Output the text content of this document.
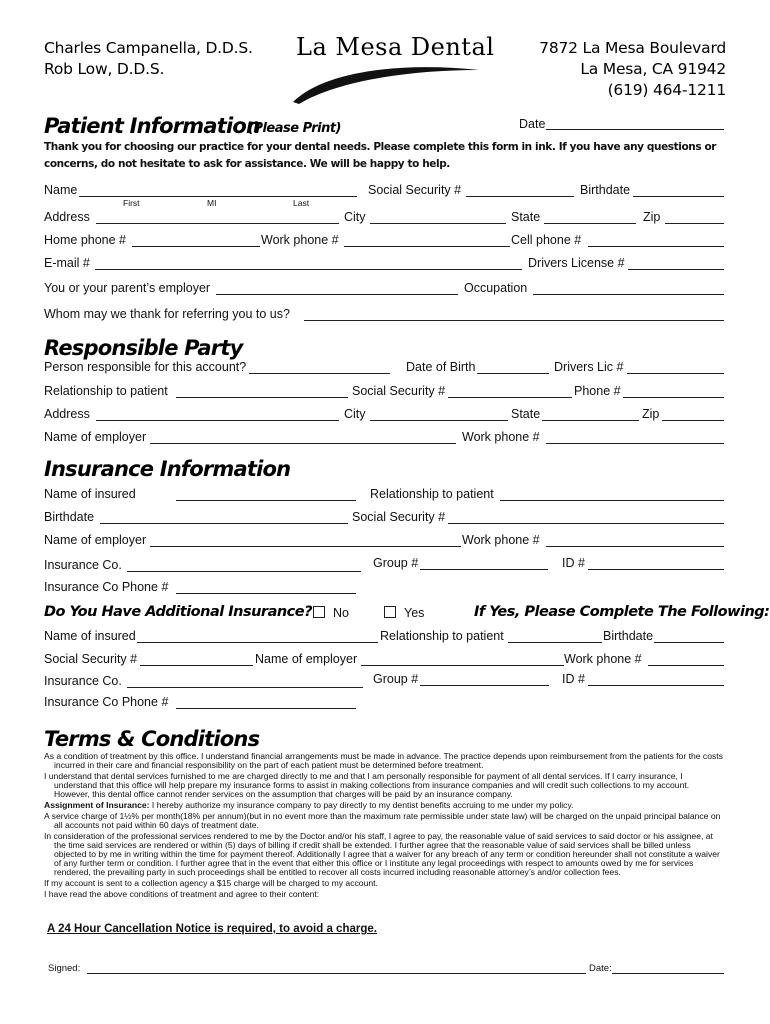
Charles Campanella, D.D.S.
Rob Low, D.D.S.
La Mesa Dental	7872 La Mesa Boulevard
La Mesa, CA 91942
(619) 464-1211
Patient Information
(Please Print)	Date
Thank you for choosing our practice for your dental needs. Please complete this form in ink. If you have any questions or concerns, do not hesitate to ask for assistance. We will be happy to help.
Name
First	MI	Last
Social Security #	Birthdate
Address	City	State	Zip
Home phone #	Work phone #	Cell phone #
E-mail #	Drivers License #
You or your parent’s employer	Occupation
Whom may we thank for referring you to us?
Responsible Party
Person responsible for this account?	Date of Birth	Drivers Lic #
Relationship to patient	Social Security #	Phone #
Address	City	State	Zip
Name of employer	Work phone #
Insurance Information
Name of insured	Relationship to patient
Birthdate	Social Security #
Name of employer	Work phone #
Insurance Co.	Group #	ID #
Insurance Co Phone #
Do You Have Additional Insurance?	No	Yes	If Yes, Please Complete The Following:
Name of insured	Relationship to patient	Birthdate
Social Security #	Name of employer	Work phone #
Insurance Co.	Group #	ID #
Insurance Co Phone #
Terms & Conditions

As a condition of treatment by this office. I understand financial arrangements must be made in advance. The practice depends upon reimbursement from the patients for the costs incurred in their care and financial responsibility on the part of each patient must be determined before treatment.

I understand that dental services furnished to me are charged directly to me and that I am personally responsible for payment of all dental services. If I carry insurance, I understand that this office will help prepare my insurance forms to assist in making collections from insurance companies and will credit such collections to my account. However, this dental office cannot render services on the assumption that charges will be paid by an insurance company.

Assignment of Insurance: I hereby authorize my insurance company to pay directly to my dentist benefits accruing to me under my policy.

A service charge of 1½% per month(18% per annum)(but in no event more than the maximum rate permissible under state law) will be charged on the unpaid principal balance on all accounts not paid within 60 days of treatment date.

In consideration of the professional services rendered to me by the Doctor and/or his staff, I agree to pay, the reasonable value of said services to said doctor or his assignee, at the time said services are rendered or within (5) days of billing if credit shall be extended. I further agree that the reasonable value of said services shall be billed unless objected to by me in writing within the time for payment thereof. Additionally I agree that a waiver for any breach of any term or condition hereunder shall not constitute a waiver of any further term or condition. I further agree that in the event that either this office or I institute any legal proceedings with respect to amounts owed by me for services rendered, the prevailing party in such proceedings shall be entitled to recover all costs incurred including reasonable attorney’s and/or collection fees.

If my account is sent to a collection agency a $15 charge will be charged to my account.

I have read the above conditions of treatment and agree to their content:

A 24 Hour Cancellation Notice is required, to avoid a charge.
Signed:	Date:
